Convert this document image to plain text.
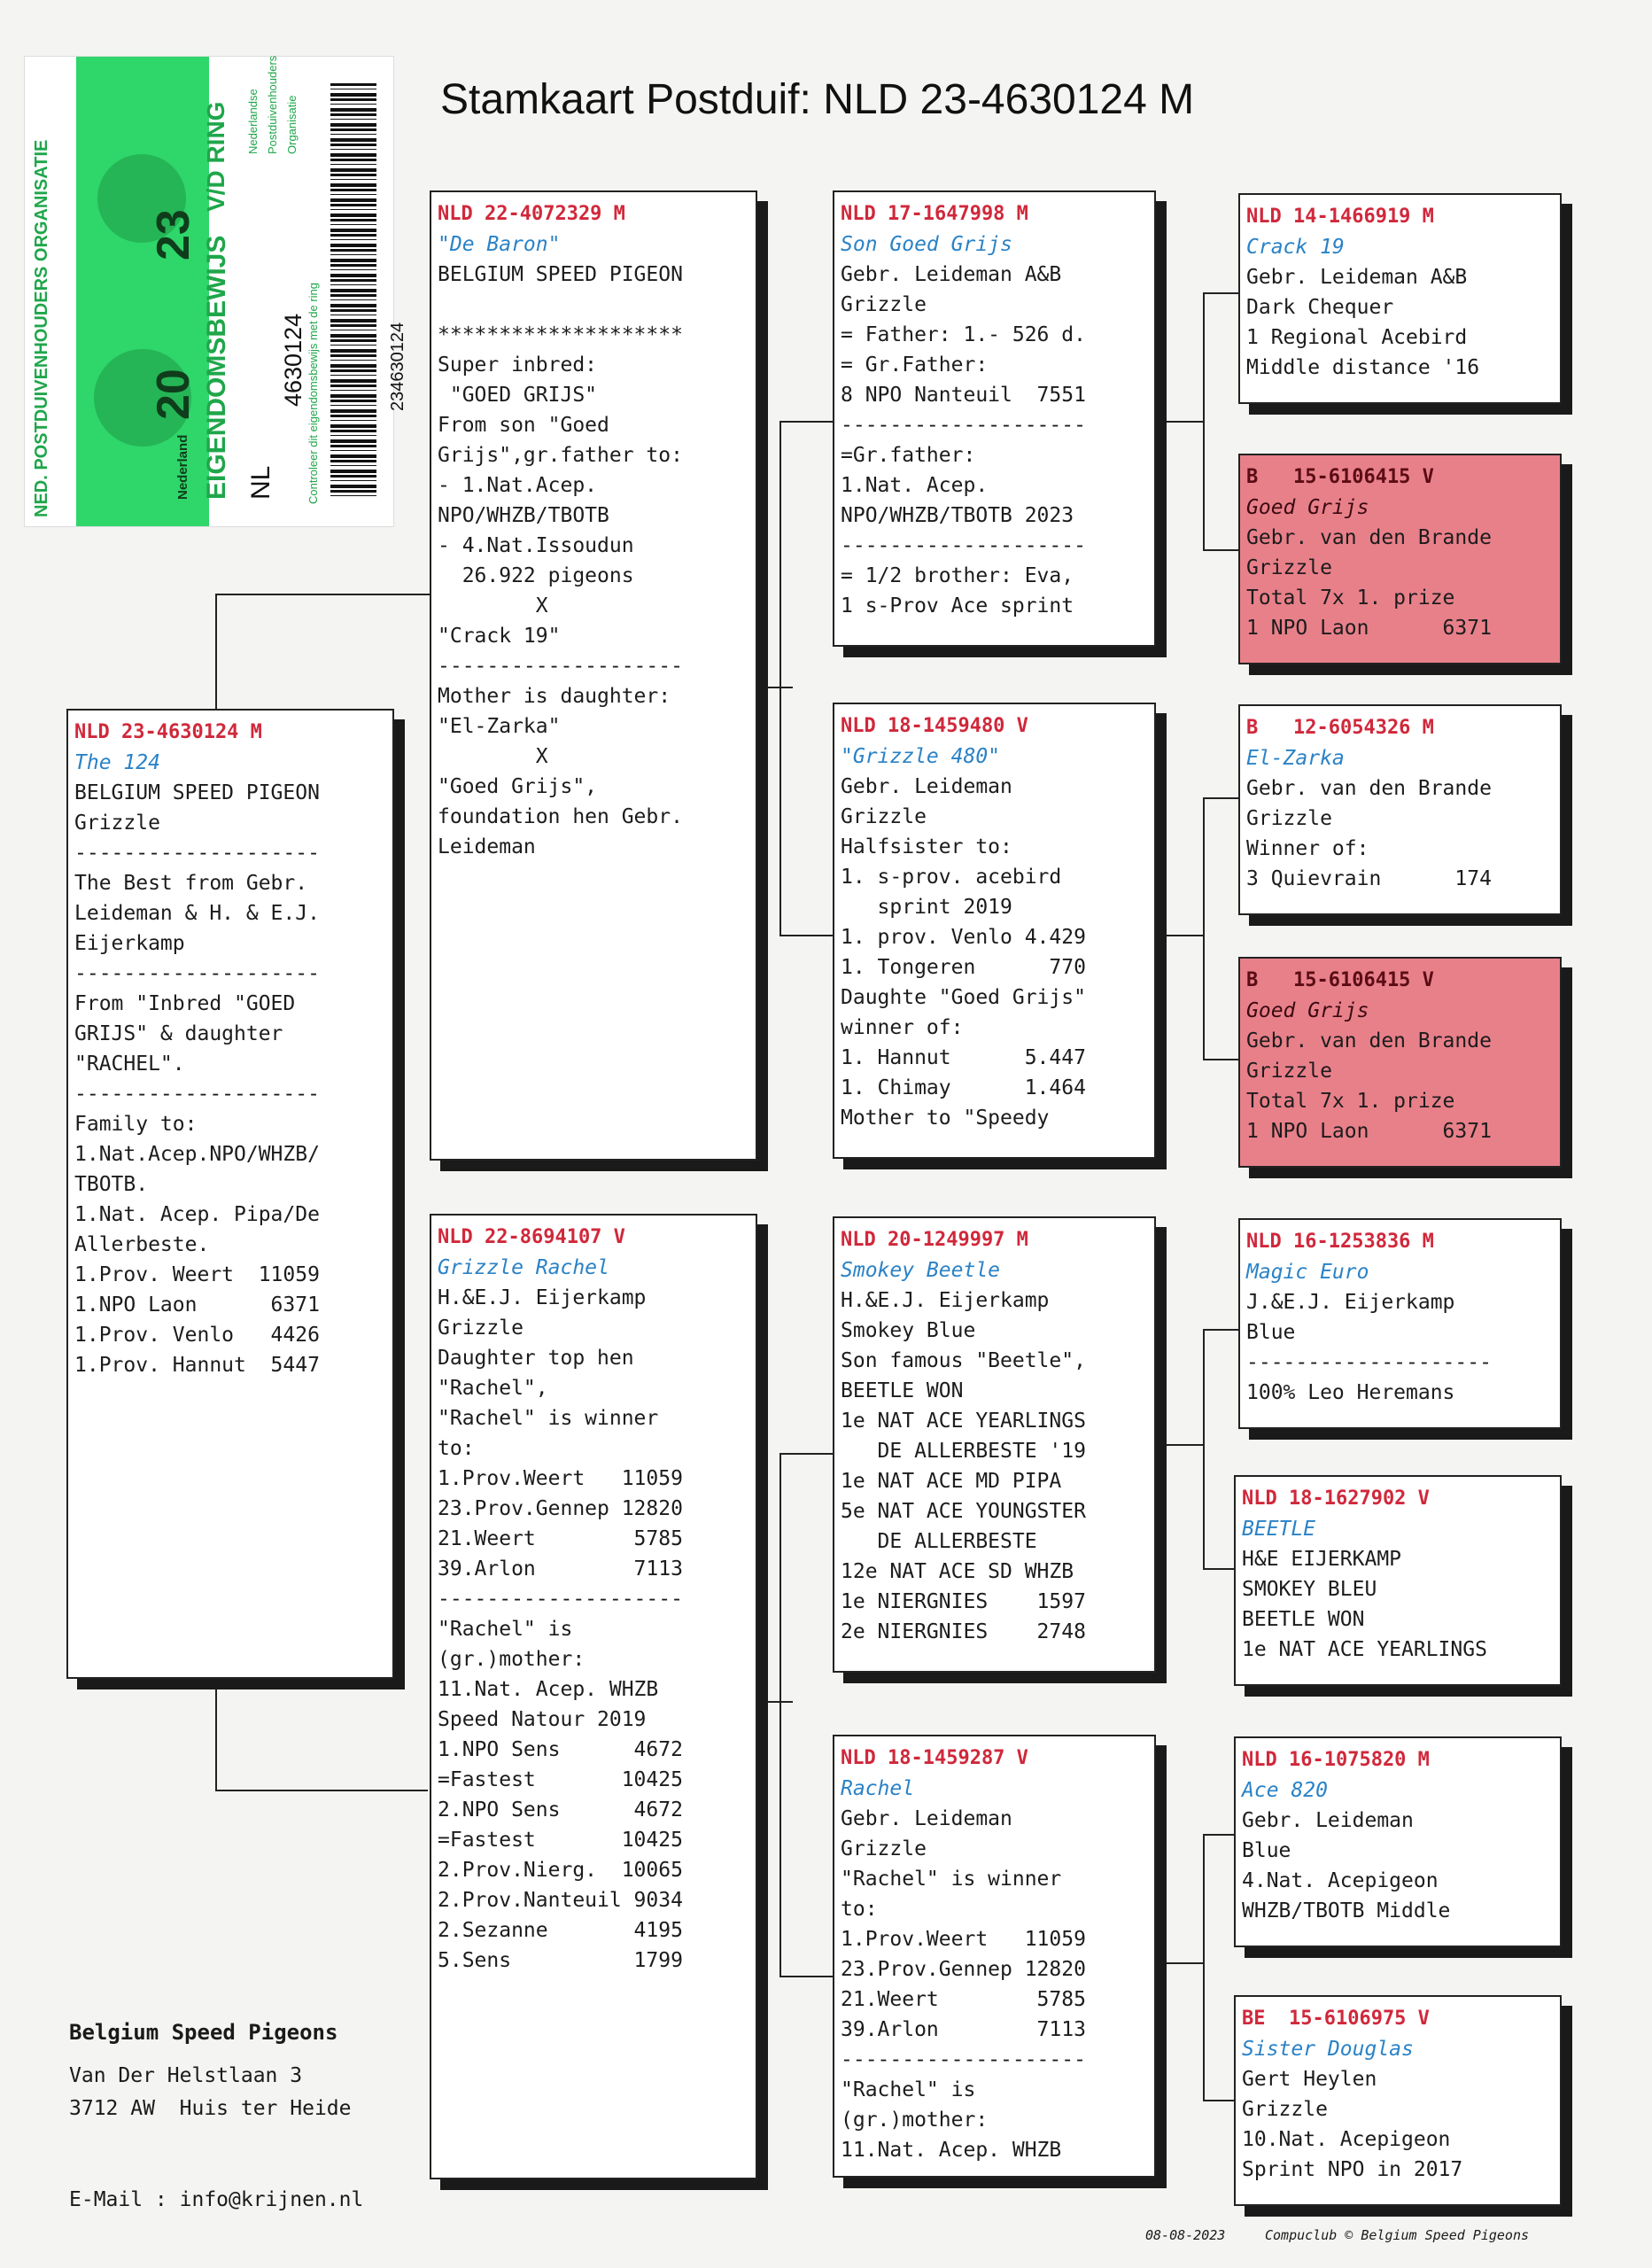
NED. POSTDUIVENHOUDERS ORGANISATIE 20
23
Nederland EIGENDOMSBEWIJS
V/D RING Nederlandse Postduivenhouders Organisatie
NL
4630124 Controleer dit eigendomsbewijs met de ring	234630124
Stamkaart Postduif: NLD 23-4630124 M
NLD 23-4630124 M
The 124
BELGIUM SPEED PIGEON
Grizzle
--------------------
The Best from Gebr.
Leideman & H. & E.J.
Eijerkamp
--------------------
From "Inbred "GOED
GRIJS" & daughter
"RACHEL".
--------------------
Family to:
1.Nat.Acep.NPO/WHZB/
TBOTB.
1.Nat. Acep. Pipa/De
Allerbeste.
1.Prov. Weert  11059
1.NPO Laon      6371
1.Prov. Venlo   4426
1.Prov. Hannut  5447
NLD 22-4072329 M
"De Baron"
BELGIUM SPEED PIGEON

********************
Super inbred:
"GOED GRIJS"
From son "Goed
Grijs",gr.father to:
- 1.Nat.Acep.
NPO/WHZB/TBOTB
- 4.Nat.Issoudun
26.922 pigeons
X
"Crack 19"
--------------------
Mother is daughter:
"El-Zarka"
X
"Goed Grijs",
foundation hen Gebr.
Leideman
NLD 22-8694107 V
Grizzle Rachel
H.&E.J. Eijerkamp
Grizzle
Daughter top hen
"Rachel",
"Rachel" is winner
to:
1.Prov.Weert   11059
23.Prov.Gennep 12820
21.Weert        5785
39.Arlon        7113
--------------------
"Rachel" is
(gr.)mother:
11.Nat. Acep. WHZB
Speed Natour 2019
1.NPO Sens      4672
=Fastest       10425
2.NPO Sens      4672
=Fastest       10425
2.Prov.Nierg.  10065
2.Prov.Nanteuil 9034
2.Sezanne       4195
5.Sens          1799
NLD 17-1647998 M
Son Goed Grijs
Gebr. Leideman A&B
Grizzle
= Father: 1.- 526 d.
= Gr.Father:
8 NPO Nanteuil  7551
--------------------
=Gr.father:
1.Nat. Acep.
NPO/WHZB/TBOTB 2023
--------------------
= 1/2 brother: Eva,
1 s-Prov Ace sprint
NLD 18-1459480 V
"Grizzle 480"
Gebr. Leideman
Grizzle
Halfsister to:
1. s-prov. acebird
sprint 2019
1. prov. Venlo 4.429
1. Tongeren      770
Daughte "Goed Grijs"
winner of:
1. Hannut      5.447
1. Chimay      1.464
Mother to "Speedy
NLD 20-1249997 M
Smokey Beetle
H.&E.J. Eijerkamp
Smokey Blue
Son famous "Beetle",
BEETLE WON
1e NAT ACE YEARLINGS
DE ALLERBESTE '19
1e NAT ACE MD PIPA
5e NAT ACE YOUNGSTER
DE ALLERBESTE
12e NAT ACE SD WHZB
1e NIERGNIES    1597
2e NIERGNIES    2748
NLD 18-1459287 V
Rachel
Gebr. Leideman
Grizzle
"Rachel" is winner
to:
1.Prov.Weert   11059
23.Prov.Gennep 12820
21.Weert        5785
39.Arlon        7113
--------------------
"Rachel" is
(gr.)mother:
11.Nat. Acep. WHZB
NLD 14-1466919 M
Crack 19
Gebr. Leideman A&B
Dark Chequer
1 Regional Acebird
Middle distance '16
B   15-6106415 V
Goed Grijs
Gebr. van den Brande
Grizzle
Total 7x 1. prize
1 NPO Laon      6371
B   12-6054326 M
El-Zarka
Gebr. van den Brande
Grizzle
Winner of:
3 Quievrain      174
B   15-6106415 V
Goed Grijs
Gebr. van den Brande
Grizzle
Total 7x 1. prize
1 NPO Laon      6371
NLD 16-1253836 M
Magic Euro
J.&E.J. Eijerkamp
Blue
--------------------
100% Leo Heremans
NLD 18-1627902 V
BEETLE
H&E EIJERKAMP
SMOKEY BLEU
BEETLE WON
1e NAT ACE YEARLINGS
NLD 16-1075820 M
Ace 820
Gebr. Leideman
Blue
4.Nat. Acepigeon
WHZB/TBOTB Middle
BE  15-6106975 V
Sister Douglas
Gert Heylen
Grizzle
10.Nat. Acepigeon
Sprint NPO in 2017
Belgium Speed Pigeons
Van Der Helstlaan 3
3712 AW  Huis ter Heide
E-Mail : info@krijnen.nl
08-08-2023	Compuclub © Belgium Speed Pigeons
